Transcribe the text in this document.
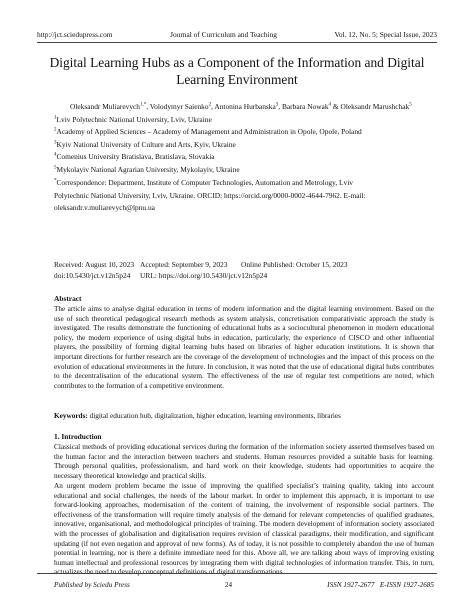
http://jct.sciedupress.com	Journal of Curriculum and Teaching	Vol. 12, No. 5; Special Issue, 2023
Digital Learning Hubs as a Component of the Information and Digital Learning Environment
Oleksandr Muliarevych$^{1,*}$, Volodymyr Saienko$^2$, Antonina Hurbanska$^3$, Barbara Nowak$^4$ & Oleksandr Marushchak$^5$
$^1$Lviv Polytechnic National University, Lviv, Ukraine
$^2$Academy of Applied Sciences – Academy of Management and Administration in Opole, Opole, Poland
$^3$Kyiv National University of Culture and Arts, Kyiv, Ukraine
$^4$Comenius University Bratislava, Bratislava, Slovakia
$^5$Mykolayiv National Agrarian University, Mykolayiv, Ukraine
*Correspondence: Department, Institute of Computer Technologies, Automation and Metrology, Lviv
Polytechnic National University, Lviv, Ukraine. ORCID: https://orcid.org/0000-0002-4644-7962. E-mail:
oleksandr.v.muliarevych@lpnu.ua
Received: August 10, 2023 Accepted: September 9, 2023	Online Published: October 15, 2023
doi:10.5430/jct.v12n5p24	URL: https://doi.org/10.5430/jct.v12n5p24
Abstract

The article aims to analyse digital education in terms of modern information and the digital learning environment. Based on the use of such theoretical pedagogical research methods as system analysis, concretisation comparativistic approach the study is investigated. The results demonstrate the functioning of educational hubs as a sociocultural phenomenon in modern educational policy, the modern experience of using digital hubs in education, particularly, the experience of CISCO and other influential players, the possibility of forming digital learning hubs based on libraries of higher education institutions. It is shown that important directions for further research are the coverage of the development of technologies and the impact of this process on the evolution of educational environments in the future. In conclusion, it was noted that the use of educational digital hubs contributes to the decentralisation of the educational system. The effectiveness of the use of regular test competitions are noted, which contributes to the formation of a competitive environment.

Keywords: digital education hub, digitalization, higher education, learning environments, libraries
1. Introduction

Classical methods of providing educational services during the formation of the information society asserted themselves based on the human factor and the interaction between teachers and students. Human resources provided a suitable basis for learning. Through personal qualities, professionalism, and hard work on their knowledge, students had opportunities to acquire the necessary theoretical knowledge and practical skills.

An urgent modern problem became the issue of improving the qualified specialist’s training quality, taking into account educational and social challenges, the needs of the labour market. In order to implement this approach, it is important to use forward-looking approaches, modernisation of the content of training, the involvement of responsible social partners. The effectiveness of the transformation will require timely analysis of the demand for relevant competencies of qualified graduates, innovative, organisational, and methodological principles of training. The modern development of information society associated with the processes of globalisation and digitalisation requires revision of classical paradigms, their modification, and significant updating (if not even negation and approval of new forms). As of today, it is not possible to completely abandon the use of human potential in learning, nor is there a definite immediate need for this. Above all, we are talking about ways of improving existing human intellectual and professional resources by integrating them with digital technologies of information transfer. This, in turn, actualizes the need to develop conceptual definitions of digital transformations.

Published by Sciedu Press	24	ISSN 1927-2677 E-ISSN 1927-2685
